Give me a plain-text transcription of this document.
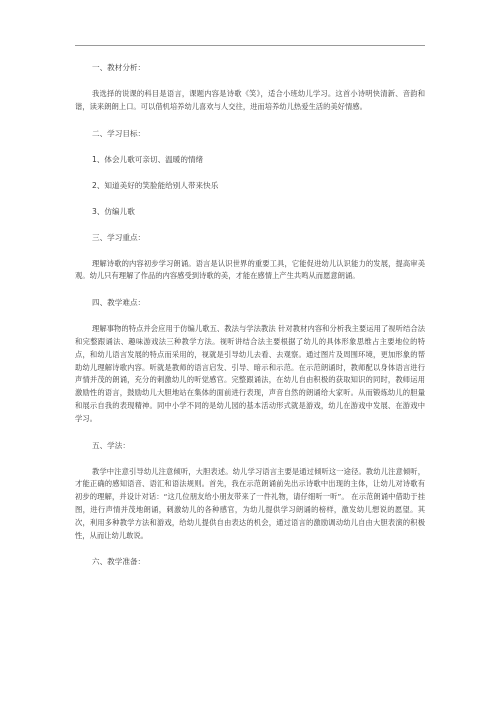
一、教材分析：
我选择的说课的科目是语言，课题内容是诗歌《笑》，适合小班幼儿学习。这首小诗明快清新、音韵和谐，读来朗朗上口。可以借机培养幼儿喜欢与人交往，进而培养幼儿热爱生活的美好情感。
二、学习目标：
1、体会儿歌可亲切、温暖的情绪
2、知道美好的笑脸能给别人带来快乐
3、仿编儿歌
三、学习重点：
理解诗歌的内容初步学习朗诵。语言是认识世界的重要工具，它能促进幼儿认识能力的发展，提高审美观。幼儿只有理解了作品的内容感受到诗歌的美，才能在感情上产生共鸣从而愿意朗诵。
四、教学难点：
理解事物的特点并会应用于仿编儿歌五、教法与学法教法 针对教材内容和分析我主要运用了视听结合法和完整跟诵法、趣味游戏法三种教学方法。视听讲结合法主要根据了幼儿的具体形象思维占主要地位的特点，和幼儿语言发展的特点而采用的，视就是引导幼儿去看、去观察。通过图片及周围环境，更加形象的帮助幼儿理解诗歌内容。听就是教师的语言启发、引导、暗示和示范。在示范朗诵时，教师配以身体语言进行声情并茂的朗诵，充分的刺激幼儿的听觉感官。完整跟诵法，在幼儿自由积极的获取知识的同时，教师运用激励性的语言，鼓励幼儿大胆地站在集体的面前进行表现，声音自然的朗诵给大家听。从而锻炼幼儿的胆量和展示自我的表现精神。同中小学不同的是幼儿园的基本活动形式就是游戏，幼儿在游戏中发展、在游戏中学习。
五、学法：
教学中注意引导幼儿注意倾听，大胆表述。幼儿学习语言主要是通过倾听这一途径。教幼儿注意倾听，才能正确的感知语音、语汇和语法规则。首先，我在示范朗诵前先出示诗歌中出现的主体，让幼儿对诗歌有初步的理解，并设计对话：“这几位朋友给小朋友带来了一件礼物，请仔细听一听”。 在示范朗诵中借助于挂图，进行声情并茂地朗诵，刺激幼儿的各种感官，为幼儿提供学习朗诵的榜样，激发幼儿想说的愿望。其次，利用多种教学方法和游戏，给幼儿提供自由表达的机会，通过语言的激励调动幼儿自由大胆表演的积极性，从而让幼儿敢说。
六、教学准备：
